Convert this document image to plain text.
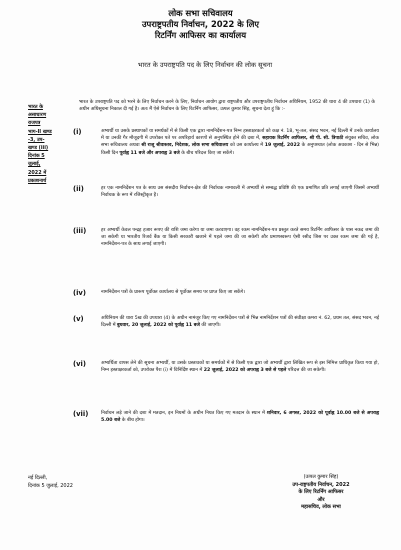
लोक सभा सचिवालय
उपराष्ट्रपतीय निर्वाचन, 2022 के लिए
रिटर्निंग आफिसर का कार्यालय
भारत के उपराष्ट्रपति पद के लिए निर्वाचन की लोक सूचना
भारत के
असाधारण
राजपत्र
भाग-II खण्ड
-3, उप-
खण्ड (iii)
दिनांक 5
जुलाई,
2022 में
प्रकाशनार्थ
भारत के उपराष्ट्रपति पद को भरने के लिए निर्वाचन करने के लिए, निर्वाचन आयोग द्वारा राष्ट्रपतीय और उपराष्ट्रपतीय निर्वाचन अधिनियम, 1952 की धारा 4 की उपधारा (1) के अधीन अधिसूचना निकाल दी गई है। अतः मैं ऐसे निर्वाचन के लिए रिटर्निंग आफिसर, उत्पल कुमार सिंह, सूचना देता हूं कि :-
(i)	अभ्यर्थी या उसके प्रस्थापकों या समर्थकों में से किसी एक द्वारा नामनिर्देशन-पत्र निम्न हस्ताक्षरकर्ता को कक्ष नं. 18, भू-तल, संसद भवन, नई दिल्ली में उनके कार्यालय में या उनकी गैर मौजूदगी में उपरोक्त पते पर अपरिहार्य कारणों से अनुपस्थित होने की दशा में, सहायक रिटर्निंग आफिसर, श्री पी. सी. त्रिपाठी संयुक्त सचिव, लोक सभा सचिवालय अथवा श्री राजू श्रीवास्तव, निदेशक, लोक सभा सचिवालय को उस कार्यालय में 19 जुलाई, 2022 के अनुपश्चात (लोक अवकाश - दिन से भिन्न) किसी दिन पूर्वाह्न 11 बजे और अपराह्न 3 बजे के बीच परिदत्त किए जा सकेंगे।
(ii)	हर एक नामनिर्देशन पत्र के साथ उस संसदीय निर्वाचन-क्षेत्र की निर्वाचक नामावली में अभ्यर्थी से सम्बद्ध प्रविष्टि की एक प्रमाणित प्रति लगाई जाएगी जिसमें अभ्यर्थी निर्वाचक के रूप में रजिस्ट्रीकृत है।
(iii)	हर अभ्यर्थी केवल पन्द्रह हजार रूपए की राशि जमा करेगा या जमा करवाएगा। वह रकम नामनिर्देशन-पत्र प्रस्तुत करते समय रिटर्निंग आफिसर के पास नकद जमा की जा सकेगी या भारतीय रिजर्व बैंक या किसी सरकारी खजाने में पहले जमा की जा सकेगी और प्रमाणस्वरूप ऐसी रसीद जिस पर उक्त रकम जमा की गई है, नामनिर्देशन-पत्र के साथ लगाई जाएगी।
(iv)	नामनिर्देशन पत्रों के प्रारूप पूर्वोक्त कार्यालय से पूर्वोक्त समय पर प्राप्त किए जा सकेंगे।
(v)	अधिनियम की धारा 5ख की उपधारा (4) के अधीन नामंजूर किए गए नामनिर्देशन पत्रों से भिन्न नामनिर्देशन पत्रों की संवीक्षा कमरा नं. 62, प्रथम तल, संसद भवन, नई दिल्ली में बुधवार, 20 जुलाई, 2022 को पूर्वाह्न 11 बजे की जाएगी।
(vi)	अभ्यर्थिता वापस लेने की सूचना अभ्यर्थी, या उसके प्रस्तावकों या समर्थकों में से किसी एक द्वारा जो अभ्यर्थी द्वारा लिखित रूप से इस निमित्त प्राधिकृत किया गया हो, निम्न हस्ताक्षरकर्ता को, उपरोक्त पैरा (i) में विनिर्दिष्ट स्थान में 22 जुलाई, 2022 को अपराह्न 3 बजे से पहले परिदत्त की जा सकेगी।
(vii)	निर्वाचन लड़े जाने की दशा में मतदान, इन नियमों के अधीन नियत किए गए मतदान के स्थान में शनिवार, 6 अगस्त, 2022 को पूर्वाह्न 10.00 बजे से अपराह्न 5.00 बजे के बीच होगा।
नई दिल्ली,
दिनांक 5 जुलाई, 2022
(उत्पल कुमार सिंह)
उप-राष्ट्रपतीय निर्वाचन, 2022
के लिए रिटर्निंग आफिसर
और
महासचिव, लोक सभा
